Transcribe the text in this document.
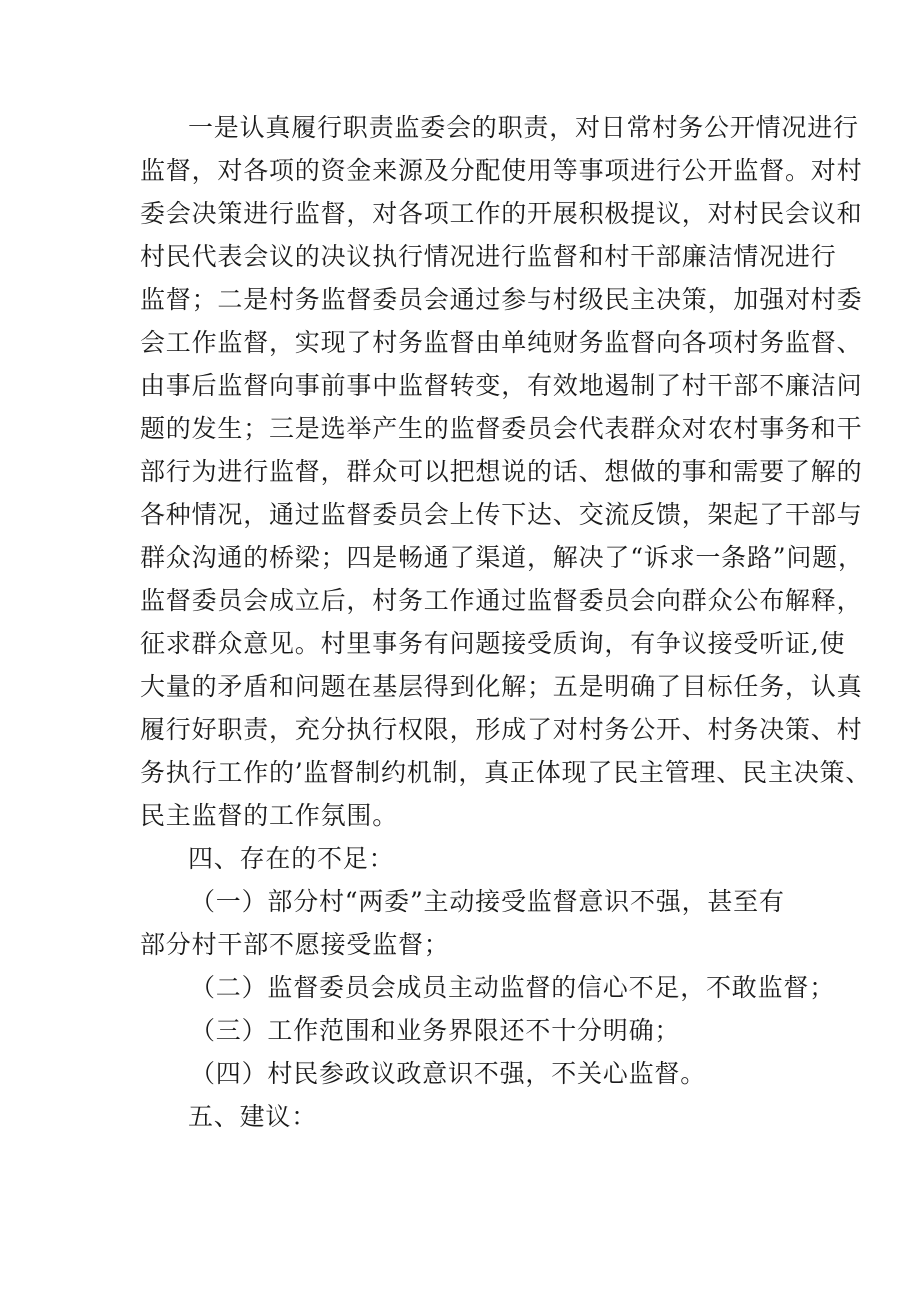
一是认真履行职责监委会的职责，对日常村务公开情况进行
监督，对各项的资金来源及分配使用等事项进行公开监督。对村
委会决策进行监督，对各项工作的开展积极提议，对村民会议和
村民代表会议的决议执行情况进行监督和村干部廉洁情况进行
监督；二是村务监督委员会通过参与村级民主决策，加强对村委
会工作监督，实现了村务监督由单纯财务监督向各项村务监督、
由事后监督向事前事中监督转变，有效地遏制了村干部不廉洁问
题的发生；三是选举产生的监督委员会代表群众对农村事务和干
部行为进行监督，群众可以把想说的话、想做的事和需要了解的
各种情况，通过监督委员会上传下达、交流反馈，架起了干部与
群众沟通的桥梁；四是畅通了渠道，解决了“诉求一条路”问题，
监督委员会成立后，村务工作通过监督委员会向群众公布解释，
征求群众意见。村里事务有问题接受质询，有争议接受听证,使
大量的矛盾和问题在基层得到化解；五是明确了目标任务，认真
履行好职责，充分执行权限，形成了对村务公开、村务决策、村
务执行工作的’监督制约机制，真正体现了民主管理、民主决策、
民主监督的工作氛围。
四、存在的不足：
（一）部分村“两委”主动接受监督意识不强，甚至有
部分村干部不愿接受监督；
（二）监督委员会成员主动监督的信心不足，不敢监督；
（三）工作范围和业务界限还不十分明确；
（四）村民参政议政意识不强，不关心监督。
五、建议：
